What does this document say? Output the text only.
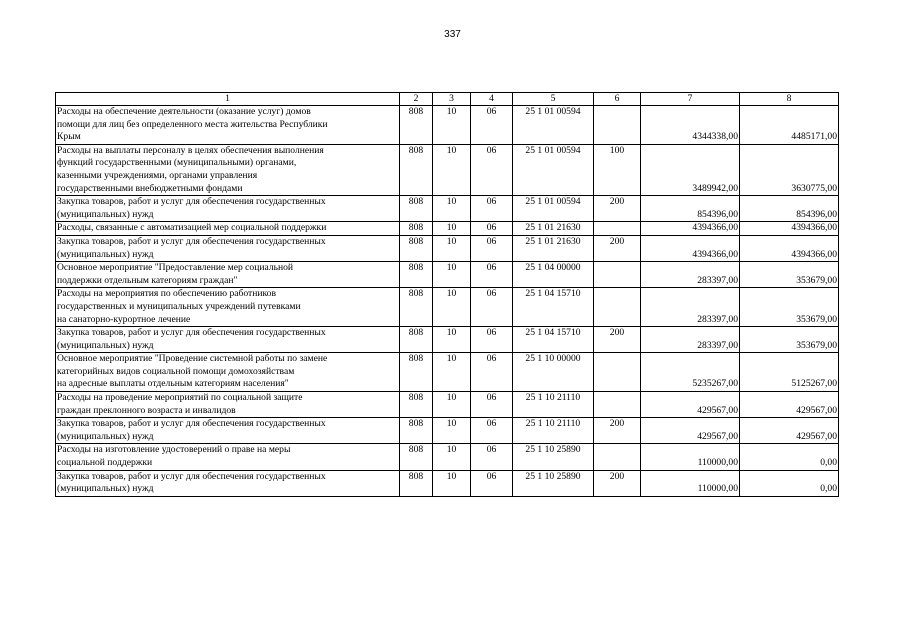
337
1	2	3	4	5	6	7	8

Расходы на обеспечение деятельности (оказание услуг) домов
помощи для лиц без определенного места жительства Республики
Крым	808	10	06	25 1 01 00594		4344338,00	4485171,00

Расходы на выплаты персоналу в целях обеспечения выполнения
функций государственными (муниципальными) органами,
казенными учреждениями, органами управления
государственными внебюджетными фондами	808	10	06	25 1 01 00594	100	3489942,00	3630775,00

Закупка товаров, работ и услуг для обеспечения государственных
(муниципальных) нужд	808	10	06	25 1 01 00594	200	854396,00	854396,00

Расходы, связанные с автоматизацией мер социальной поддержки	808	10	06	25 1 01 21630		4394366,00	4394366,00

Закупка товаров, работ и услуг для обеспечения государственных
(муниципальных) нужд	808	10	06	25 1 01 21630	200	4394366,00	4394366,00

Основное мероприятие "Предоставление мер социальной
поддержки отдельным категориям граждан"	808	10	06	25 1 04 00000		283397,00	353679,00

Расходы на мероприятия по обеспечению работников
государственных и муниципальных учреждений путевками
на санаторно-курортное лечение	808	10	06	25 1 04 15710		283397,00	353679,00

Закупка товаров, работ и услуг для обеспечения государственных
(муниципальных) нужд	808	10	06	25 1 04 15710	200	283397,00	353679,00

Основное мероприятие "Проведение системной работы по замене
категорийных видов социальной помощи домохозяйствам
на адресные выплаты отдельным категориям населения"	808	10	06	25 1 10 00000		5235267,00	5125267,00

Расходы на проведение мероприятий по социальной защите
граждан преклонного возраста и инвалидов	808	10	06	25 1 10 21110		429567,00	429567,00

Закупка товаров, работ и услуг для обеспечения государственных
(муниципальных) нужд	808	10	06	25 1 10 21110	200	429567,00	429567,00

Расходы на изготовление удостоверений о праве на меры
социальной поддержки	808	10	06	25 1 10 25890		110000,00	0,00

Закупка товаров, работ и услуг для обеспечения государственных
(муниципальных) нужд	808	10	06	25 1 10 25890	200	110000,00	0,00
